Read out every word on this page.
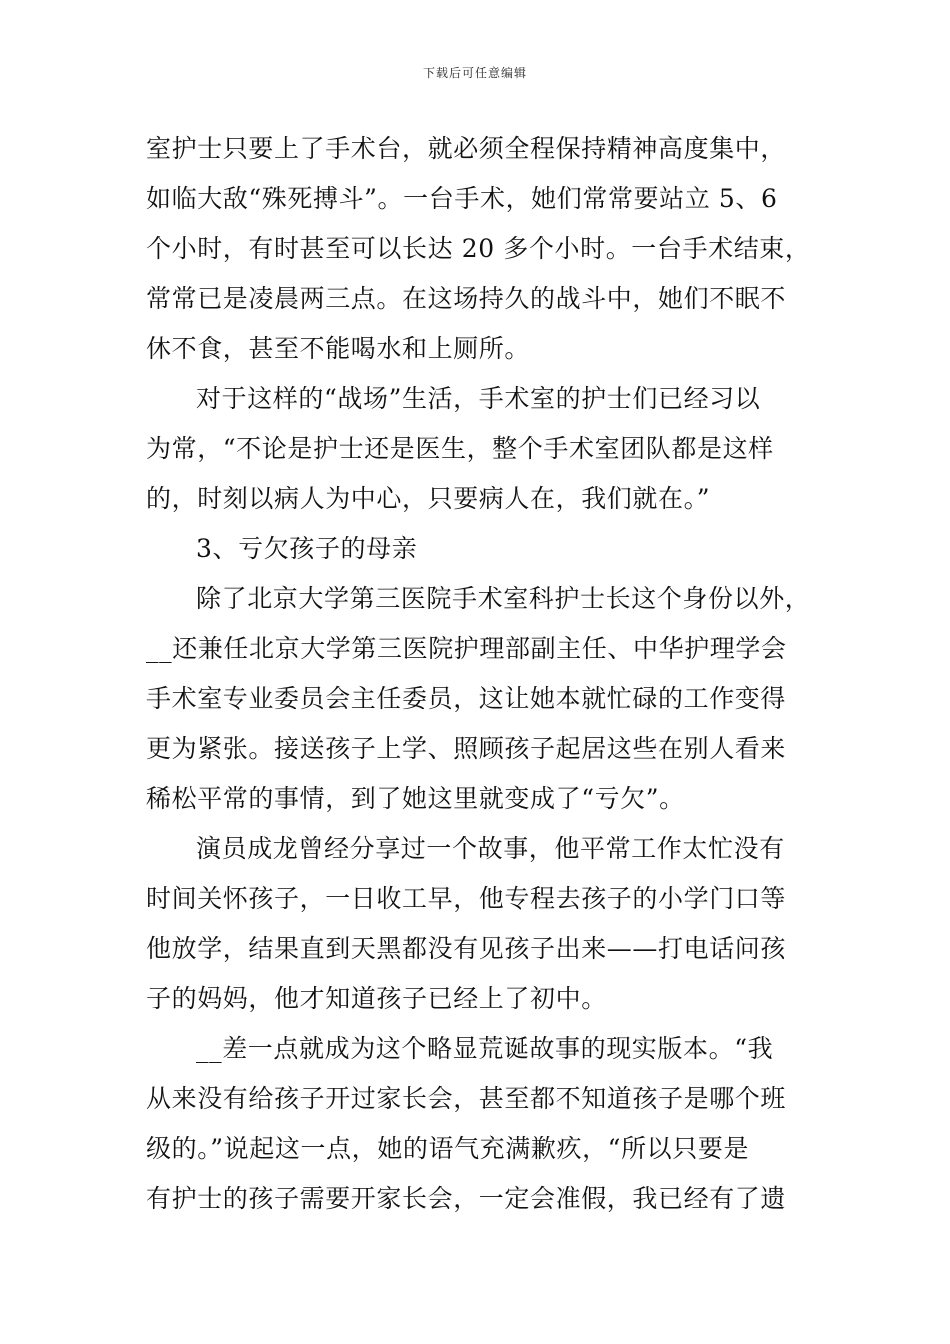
下载后可任意编辑
室护士只要上了手术台，就必须全程保持精神高度集中，
如临大敌“殊死搏斗”。一台手术，她们常常要站立 5、6
个小时，有时甚至可以长达 20 多个小时。一台手术结束，
常常已是凌晨两三点。在这场持久的战斗中，她们不眠不
休不食，甚至不能喝水和上厕所。
对于这样的“战场”生活，手术室的护士们已经习以
为常，“不论是护士还是医生，整个手术室团队都是这样
的，时刻以病人为中心，只要病人在，我们就在。”
3、亏欠孩子的母亲
除了北京大学第三医院手术室科护士长这个身份以外，
__还兼任北京大学第三医院护理部副主任、中华护理学会
手术室专业委员会主任委员，这让她本就忙碌的工作变得
更为紧张。接送孩子上学、照顾孩子起居这些在别人看来
稀松平常的事情，到了她这里就变成了“亏欠”。
演员成龙曾经分享过一个故事，他平常工作太忙没有
时间关怀孩子，一日收工早，他专程去孩子的小学门口等
他放学，结果直到天黑都没有见孩子出来——打电话问孩
子的妈妈，他才知道孩子已经上了初中。
__差一点就成为这个略显荒诞故事的现实版本。“我
从来没有给孩子开过家长会，甚至都不知道孩子是哪个班
级的。”说起这一点，她的语气充满歉疚，“所以只要是
有护士的孩子需要开家长会，一定会准假，我已经有了遗
